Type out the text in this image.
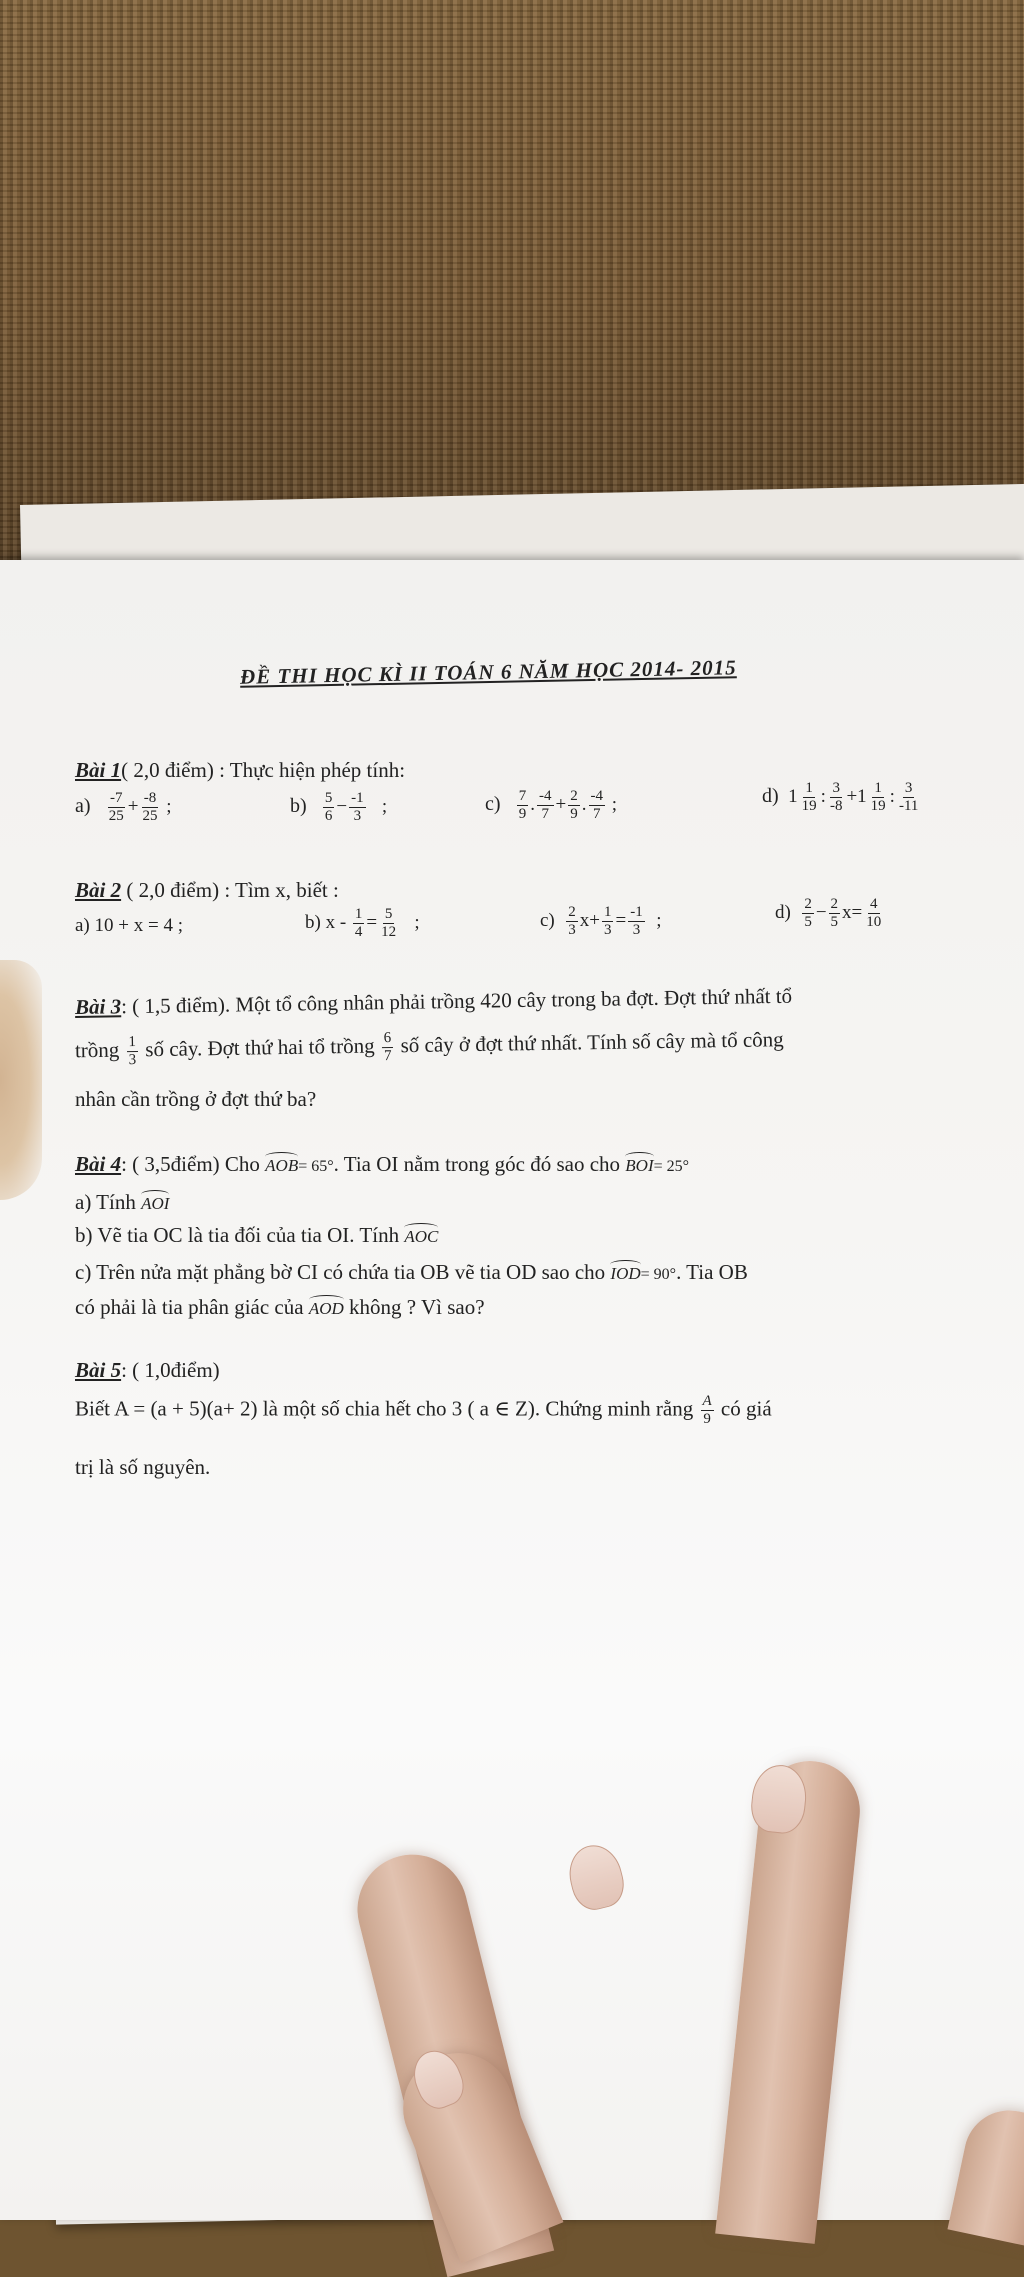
ĐỀ THI HỌC KÌ II TOÁN 6 NĂM HỌC 2014- 2015
Bài 1( 2,0 điểm) : Thực hiện phép tính:
$a) \frac{-7}{25} + \frac{-8}{25}$ ;	$b) \frac{5}{6} - \frac{-1}{3}$ ;	$c) \frac{7}{9}$ . $\frac{-4}{7} + \frac{2}{9}$ . $\frac{-4}{7}$ ;	d)  $1 \frac{1}{19}$ : $\frac{3}{-8} +1 \frac{1}{19}$ : $\frac{3}{-11}$
Bài 2 ( 2,0 điểm) : Tìm x, biết :
a) 10 + x = 4 ;	b) $x - \frac{1}{4} = \frac{5}{12}$ ;	$c) \frac{2}{3} x+ \frac{1}{3} = \frac{-1}{3}$ ;	$d) \frac{2}{5} - \frac{2}{5} x= \frac{4}{10}$
Bài 3: ( 1,5 điểm). Một tổ công nhân phải trồng 420 cây trong ba đợt. Đợt thứ nhất tổ
trồng $\frac{1}{3}$ số cây. Đợt thứ hai tổ trồng $\frac{6}{7}$ số cây ở đợt thứ nhất. Tính số cây mà tổ công
nhân cần trồng ở đợt thứ ba?
Bài 4: ( 3,5điểm) Cho AOB= 65°. Tia OI nằm trong góc đó sao cho BOI= 25°
a) Tính AOI
b) Vẽ tia OC là tia đối của tia OI. Tính AOC
c) Trên nửa mặt phẳng bờ CI có chứa tia OB vẽ tia OD sao cho IOD= 90°. Tia OB
có phải là tia phân giác của AOD không ? Vì sao?
Bài 5: ( 1,0điểm)
Biết A = (a + 5)(a+ 2) là một số chia hết cho 3 ( a ∈ Z). Chứng minh rằng $\frac{A}{9}$ có giá
trị là số nguyên.
